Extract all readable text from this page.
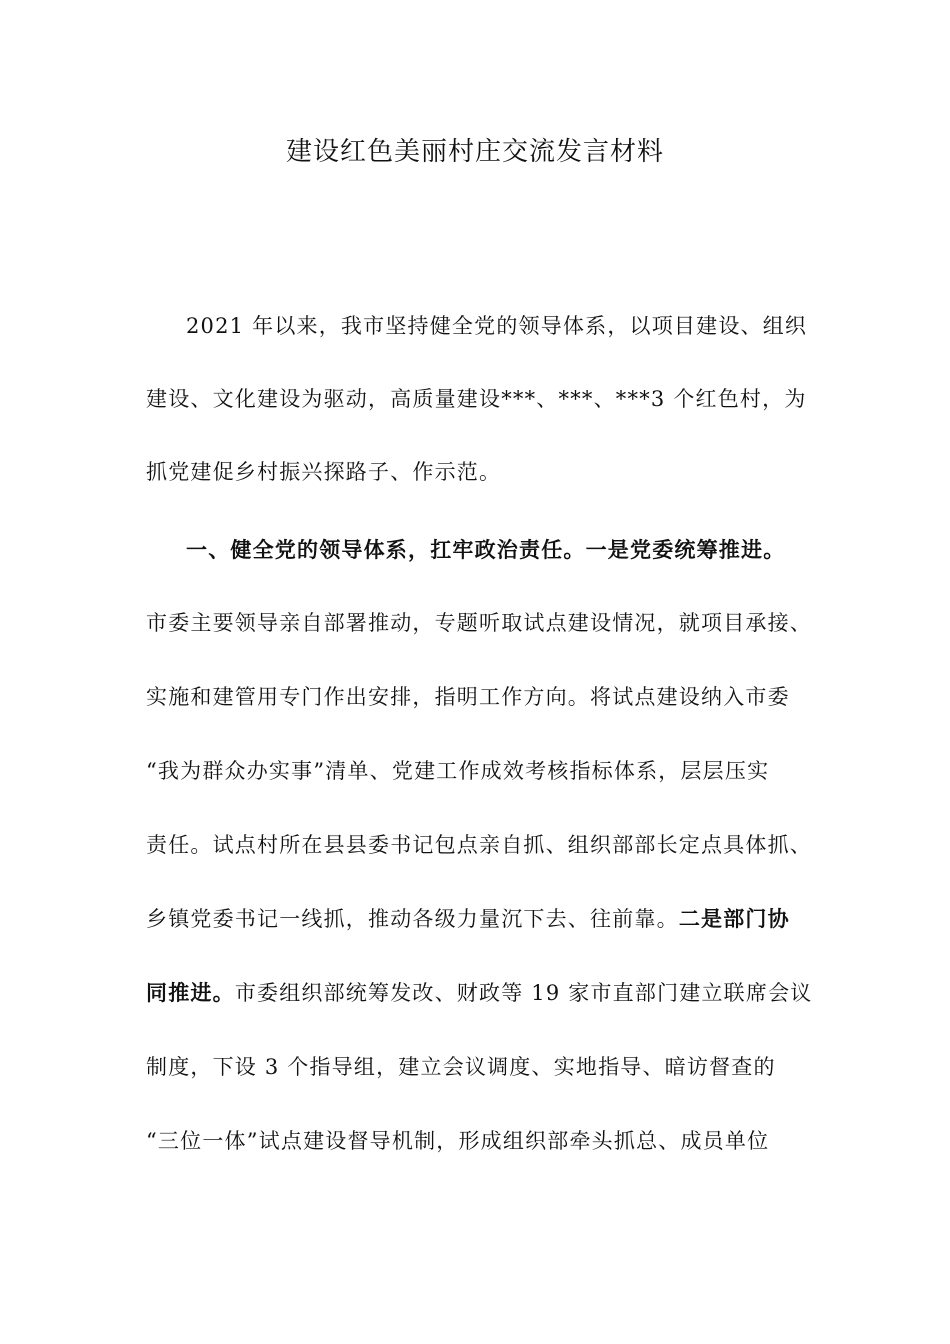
建设红色美丽村庄交流发言材料
2021 年以来，我市坚持健全党的领导体系，以项目建设、组织
建设、文化建设为驱动，高质量建设***、***、***3 个红色村，为
抓党建促乡村振兴探路子、作示范。
一、健全党的领导体系，扛牢政治责任。一是党委统筹推进。
市委主要领导亲自部署推动，专题听取试点建设情况，就项目承接、
实施和建管用专门作出安排，指明工作方向。将试点建设纳入市委
“我为群众办实事”清单、党建工作成效考核指标体系，层层压实
责任。试点村所在县县委书记包点亲自抓、组织部部长定点具体抓、
乡镇党委书记一线抓，推动各级力量沉下去、往前靠。二是部门协
同推进。市委组织部统筹发改、财政等 19 家市直部门建立联席会议
制度，下设 3 个指导组，建立会议调度、实地指导、暗访督查的
“三位一体”试点建设督导机制，形成组织部牵头抓总、成员单位
